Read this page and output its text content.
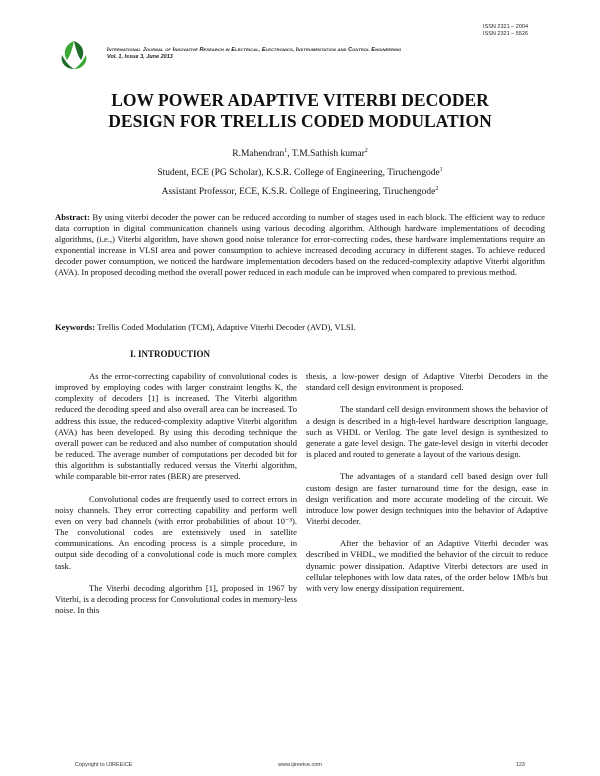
ISSN 2321 – 2004
ISSN 2321 – 5526
International Journal of Innovative Research in Electrical, Electronics, Instrumentation and Control Engineering
Vol. 1, Issue 3, June 2013
LOW POWER ADAPTIVE VITERBI DECODER
DESIGN FOR TRELLIS CODED MODULATION
R.Mahendran$^1$, T.M.Sathish kumar$^2$
Student, ECE (PG Scholar), K.S.R. College of Engineering, Tiruchengode$^1$
Assistant Professor, ECE, K.S.R. College of Engineering, Tiruchengode$^2$

Abstract: By using viterbi decoder the power can be reduced according to number of stages used in each block. The efficient way to reduce data corruption in digital communication channels using various decoding algorithm. Although hardware implementations of decoding algorithms, (i.e.,) Viterbi algorithm, have shown good noise tolerance for error-correcting codes, these hardware implementations require an exponential increase in VLSI area and power consumption to achieve increased decoding accuracy in different stages. To achieve reduced decoder power consumption, we noticed the hardware implementation decoders based on the reduced-complexity adaptive Viterbi algorithm (AVA). In proposed decoding method the overall power reduced in each module can be improved when compared to previous method.

Keywords: Trellis Coded Modulation (TCM), Adaptive Viterbi Decoder (AVD), VLSI.

I. INTRODUCTION

As the error-correcting capability of convolutional codes is improved by employing codes with larger constraint lengths K, the complexity of decoders [1] is increased. The Viterbi algorithm reduced the decoding speed and also overall area can be increased. To address this issue, the reduced-complexity adaptive Viterbi algorithm (AVA) has been developed. By using this decoding technique the overall power can be reduced and also number of computation should be reduced. The average number of computations per decoded bit for this algorithm is substantially reduced versus the Viterbi algorithm, while comparable bit-error rates (BER) are preserved.

Convolutional codes are frequently used to correct errors in noisy channels. They error correcting capability and perform well even on very bad channels (with error probabilities of about 10⁻³). The convolutional codes are extensively used in satellite communications. An encoding process is a simple procedure, in output side decoding of a convolutional code is much more complex task.

The Viterbi decoding algorithm [1], proposed in 1967 by Viterbi, is a decoding process for Convolutional codes in memory-less noise. In this

thesis, a low-power design of Adaptive Viterbi Decoders in the standard cell design environment is proposed.

The standard cell design environment shows the behavior of a design is described in a high-level hardware description language, such as VHDL or Verilog. The gate level design is synthesized to generate a gate level design. The gate-level design in viterbi decoder is placed and routed to generate a layout of the various design.

The advantages of a standard cell based design over full custom design are faster turnaround time for the design, ease in design verification and more accurate modeling of the circuit. We introduce low power design techniques into the behavior of Adaptive Viterbi decoder.

After the behavior of an Adaptive Viterbi decoder was described in VHDL, we modified the behavior of the circuit to reduce dynamic power dissipation. Adaptive Viterbi detectors are used in cellular telephones with low data rates, of the order below 1Mb/s but with very low energy dissipation requirement.

Copyright to IJIREEICE	www.ijireeice.com	123
